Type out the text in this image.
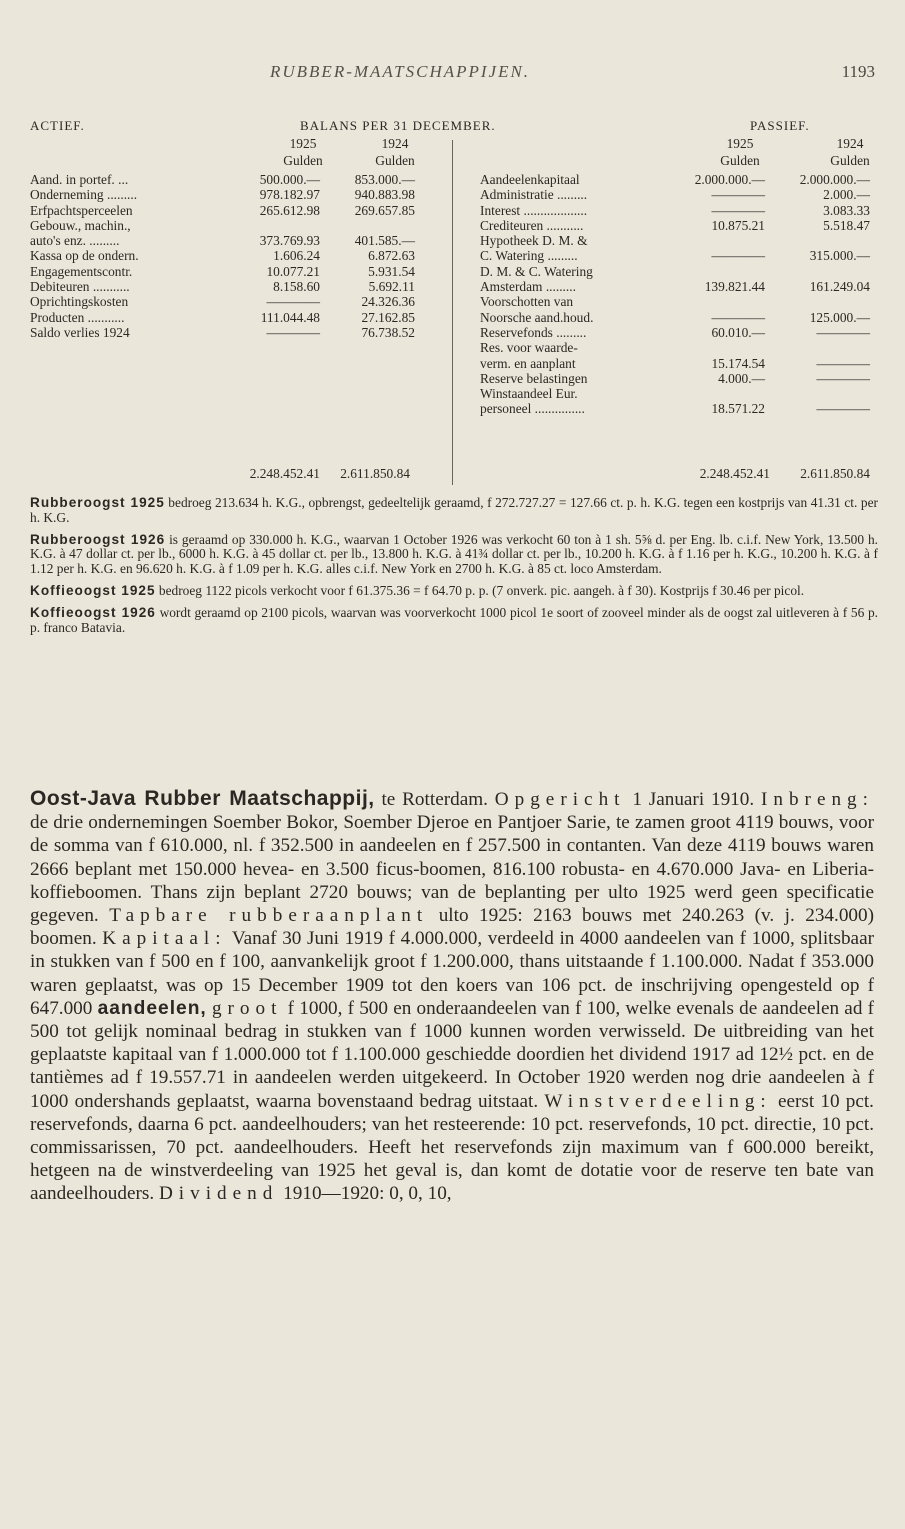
RUBBER-MAATSCHAPPIJEN.	1193
ACTIEF.	BALANS PER 31 DECEMBER.	PASSIEF.
1925	1924	1925	1924
Gulden	Gulden	Gulden	Gulden
Aand. in portef. ...	500.000.—	853.000.—
Onderneming .........	978.182.97	940.883.98
Erfpachtsperceelen	265.612.98	269.657.85
Gebouw., machin.,
auto's enz. .........	373.769.93	401.585.—
Kassa op de ondern.	1.606.24	6.872.63
Engagementscontr.	10.077.21	5.931.54
Debiteuren ...........	8.158.60	5.692.11
Oprichtingskosten	————	24.326.36
Producten ...........	111.044.48	27.162.85
Saldo verlies 1924	————	76.738.52
Aandeelenkapitaal	2.000.000.—	2.000.000.—
Administratie .........	————	2.000.—
Interest ...................	————	3.083.33
Crediteuren ...........	10.875.21	5.518.47
Hypotheek D. M. &
C. Watering .........	————	315.000.—
D. M. & C. Watering
Amsterdam .........	139.821.44	161.249.04
Voorschotten van
Noorsche aand.houd.	————	125.000.—
Reservefonds .........	60.010.—	————
Res. voor waarde-
verm. en aanplant	15.174.54	————
Reserve belastingen	4.000.—	————
Winstaandeel Eur.
personeel ...............	18.571.22	————
2.248.452.41	2.611.850.84	2.248.452.41	2.611.850.84

Rubberoogst 1925 bedroeg 213.634 h. K.G., opbrengst, gedeeltelijk geraamd, f 272.727.27 = 127.66 ct. p. h. K.G. tegen een kostprijs van 41.31 ct. per h. K.G.

Rubberoogst 1926 is geraamd op 330.000 h. K.G., waarvan 1 October 1926 was verkocht 60 ton à 1 sh. 5⅝ d. per Eng. lb. c.i.f. New York, 13.500 h. K.G. à 47 dollar ct. per lb., 6000 h. K.G. à 45 dollar ct. per lb., 13.800 h. K.G. à 41¾ dollar ct. per lb., 10.200 h. K.G. à f 1.16 per h. K.G., 10.200 h. K.G. à f 1.12 per h. K.G. en 96.620 h. K.G. à f 1.09 per h. K.G. alles c.i.f. New York en 2700 h. K.G. à 85 ct. loco Amsterdam.

Koffieoogst 1925 bedroeg 1122 picols verkocht voor f 61.375.36 = f 64.70 p. p. (7 onverk. pic. aangeh. à f 30). Kostprijs f 30.46 per picol.

Koffieoogst 1926 wordt geraamd op 2100 picols, waarvan was voorverkocht 1000 picol 1e soort of zooveel minder als de oogst zal uitleveren à f 56 p. p. franco Batavia.

Oost-Java Rubber Maatschappij, te Rotterdam. Opgericht 1 Januari 1910. Inbreng: de drie ondernemingen Soember Bokor, Soember Djeroe en Pantjoer Sarie, te zamen groot 4119 bouws, voor de somma van f 610.000, nl. f 352.500 in aandeelen en f 257.500 in contanten. Van deze 4119 bouws waren 2666 beplant met 150.000 hevea- en 3.500 ficus-boomen, 816.100 robusta- en 4.670.000 Java- en Liberia-koffieboomen. Thans zijn beplant 2720 bouws; van de beplanting per ulto 1925 werd geen specificatie gegeven. Tapbare rubberaanplant ulto 1925: 2163 bouws met 240.263 (v. j. 234.000) boomen. Kapitaal: Vanaf 30 Juni 1919 f 4.000.000, verdeeld in 4000 aandeelen van f 1000, splitsbaar in stukken van f 500 en f 100, aanvankelijk groot f 1.200.000, thans uitstaande f 1.100.000. Nadat f 353.000 waren geplaatst, was op 15 December 1909 tot den koers van 106 pct. de inschrijving opengesteld op f 647.000 aandeelen, groot f 1000, f 500 en onderaandeelen van f 100, welke evenals de aandeelen ad f 500 tot gelijk nominaal bedrag in stukken van f 1000 kunnen worden verwisseld. De uitbreiding van het geplaatste kapitaal van f 1.000.000 tot f 1.100.000 geschiedde doordien het dividend 1917 ad 12½ pct. en de tantièmes ad f 19.557.71 in aandeelen werden uitgekeerd. In October 1920 werden nog drie aandeelen à f 1000 ondershands geplaatst, waarna bovenstaand bedrag uitstaat. Winstverdeeling: eerst 10 pct. reservefonds, daarna 6 pct. aandeelhouders; van het resteerende: 10 pct. reservefonds, 10 pct. directie, 10 pct. commissarissen, 70 pct. aandeelhouders. Heeft het reservefonds zijn maximum van f 600.000 bereikt, hetgeen na de winstverdeeling van 1925 het geval is, dan komt de dotatie voor de reserve ten bate van aandeelhouders. Dividend 1910—1920: 0, 0, 10,
